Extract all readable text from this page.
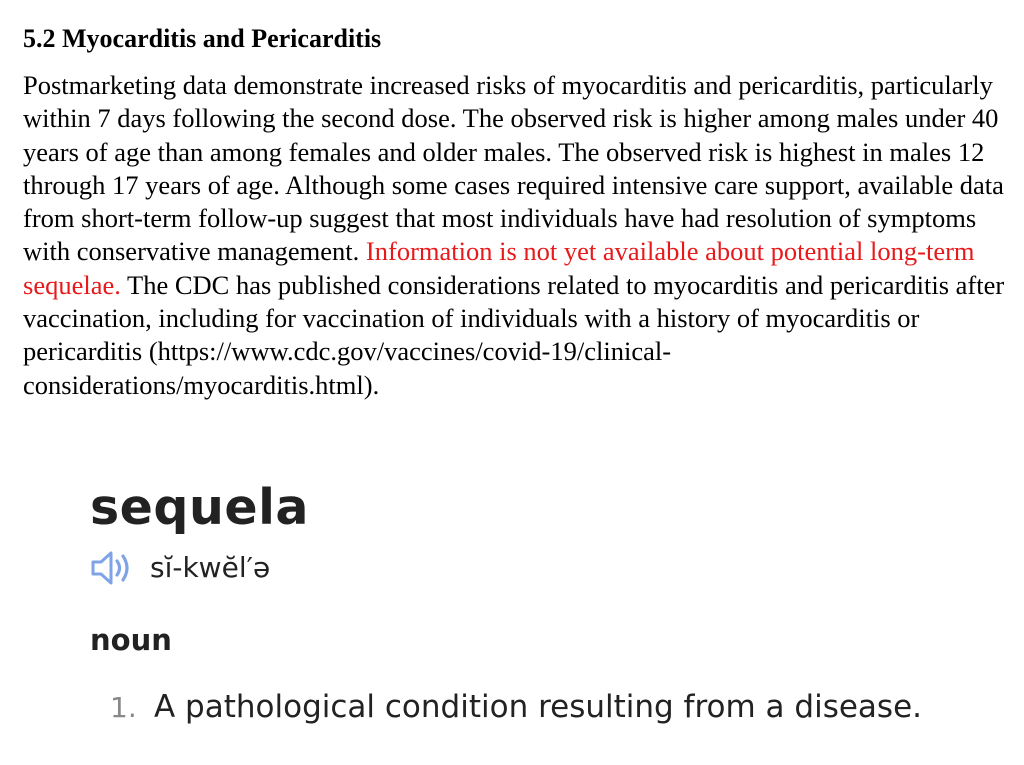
5.2 Myocarditis and Pericarditis

Postmarketing data demonstrate increased risks of myocarditis and pericarditis, particularly within 7 days following the second dose. The observed risk is higher among males under 40 years of age than among females and older males. The observed risk is highest in males 12 through 17 years of age. Although some cases required intensive care support, available data from short-term follow-up suggest that most individuals have had resolution of symptoms with conservative management. Information is not yet available about potential long-term sequelae. The CDC has published considerations related to myocarditis and pericarditis after vaccination, including for vaccination of individuals with a history of myocarditis or pericarditis (https://www.cdc.gov/vaccines/covid-19/clinical-considerations/myocarditis.html).

sequela
sĭ-kwĕl′ə
noun
1. A pathological condition resulting from a disease.
